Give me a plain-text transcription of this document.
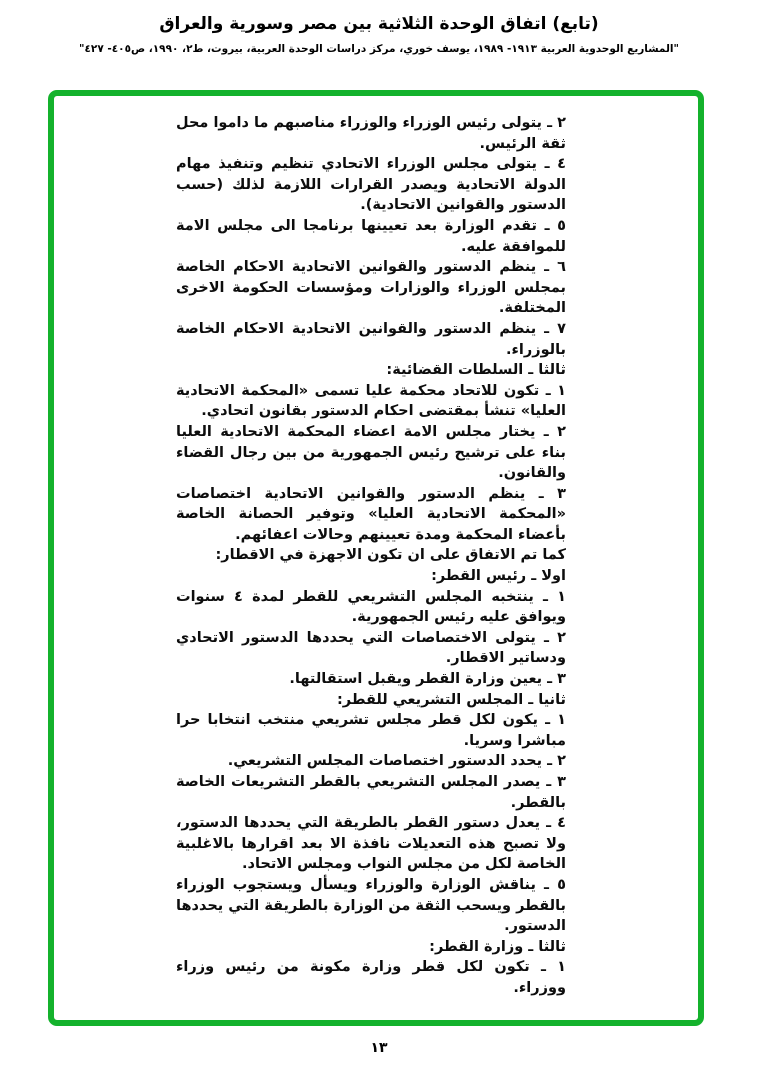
(تابع) اتفاق الوحدة الثلاثية بين مصر وسورية والعراق
"المشاريع الوحدوية العربية ١٩١٣- ١٩٨٩، يوسف خوري، مركز دراسات الوحدة العربية، بيروت، ط٢، ١٩٩٠، ص٤٠٥- ٤٢٧"

٢ ـ يتولى رئيس الوزراء والوزراء مناصبهم ما داموا محل ثقة الرئيس.

٤ ـ يتولى مجلس الوزراء الاتحادي تنظيم وتنفيذ مهام الدولة الاتحادية ويصدر القرارات اللازمة لذلك (حسب الدستور والقوانين الاتحادية).

٥ ـ تقدم الوزارة بعد تعيينها برنامجا الى مجلس الامة للموافقة عليه.

٦ ـ ينظم الدستور والقوانين الاتحادية الاحكام الخاصة بمجلس الوزراء والوزارات ومؤسسات الحكومة الاخرى المختلفة.

٧ ـ ينظم الدستور والقوانين الاتحادية الاحكام الخاصة بالوزراء.

ثالثا ـ السلطات القضائية:

١ ـ تكون للاتحاد محكمة عليا تسمى «المحكمة الاتحادية العليا» تنشأ بمقتضى احكام الدستور بقانون اتحادي.

٢ ـ يختار مجلس الامة اعضاء المحكمة الاتحادية العليا بناء على ترشيح رئيس الجمهورية من بين رجال القضاء والقانون.

٣ ـ ينظم الدستور والقوانين الاتحادية اختصاصات «المحكمة الاتحادية العليا» وتوفير الحصانة الخاصة بأعضاء المحكمة ومدة تعيينهم وحالات اعفائهم.

كما تم الاتفاق على ان تكون الاجهزة في الاقطار:

اولا ـ رئيس القطر:

١ ـ ينتخبه المجلس التشريعي للقطر لمدة ٤ سنوات ويوافق عليه رئيس الجمهورية.

٢ ـ يتولى الاختصاصات التي يحددها الدستور الاتحادي ودساتير الاقطار.

٣ ـ يعين وزارة القطر ويقبل استقالتها.

ثانيا ـ المجلس التشريعي للقطر:

١ ـ يكون لكل قطر مجلس تشريعي منتخب انتخابا حرا مباشرا وسريا.

٢ ـ يحدد الدستور اختصاصات المجلس التشريعي.

٣ ـ يصدر المجلس التشريعي بالقطر التشريعات الخاصة بالقطر.

٤ ـ يعدل دستور القطر بالطريقة التي يحددها الدستور، ولا تصبح هذه التعديلات نافذة الا بعد اقرارها بالاغلبية الخاصة لكل من مجلس النواب ومجلس الاتحاد.

٥ ـ يناقش الوزارة والوزراء ويسأل ويستجوب الوزراء بالقطر ويسحب الثقة من الوزارة بالطريقة التي يحددها الدستور.

ثالثا ـ وزارة القطر:

١ ـ تكون لكل قطر وزارة مكونة من رئيس وزراء ووزراء.

١٣
